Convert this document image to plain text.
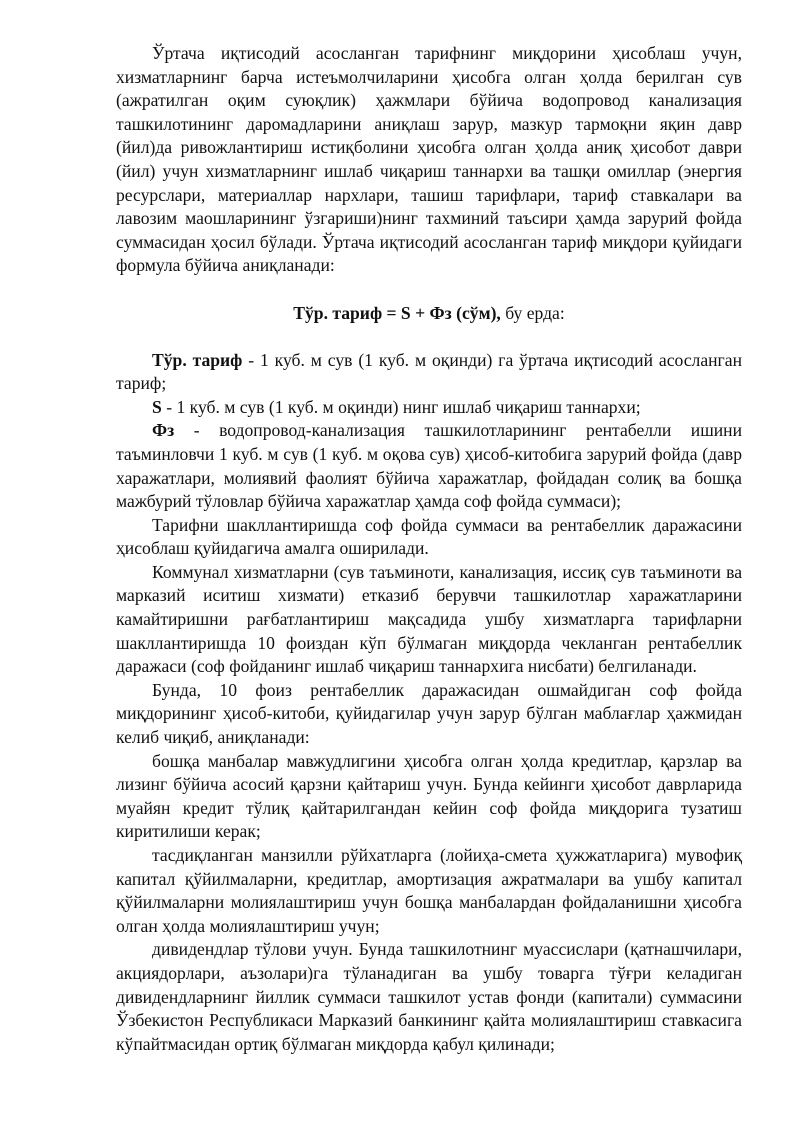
Ўртача иқтисодий асосланган тарифнинг миқдорини ҳисоблаш учун, хизматларнинг барча истеъмолчиларини ҳисобга олган ҳолда берилган сув (ажратилган оқим суюқлик) ҳажмлари бўйича водопровод канализация ташкилотининг даромадларини аниқлаш зарур, мазкур тармоқни яқин давр (йил)да ривожлантириш истиқболини ҳисобга олган ҳолда аниқ ҳисобот даври (йил) учун хизматларнинг ишлаб чиқариш таннархи ва ташқи омиллар (энергия ресурслари, материаллар нархлари, ташиш тарифлари, тариф ставкалари ва лавозим маошларининг ўзгариши)нинг тахминий таъсири ҳамда зарурий фойда суммасидан ҳосил бўлади. Ўртача иқтисодий асосланган тариф миқдори қуйидаги формула бўйича аниқланади:

Тўр. тариф = S + Фз (сўм), бу ерда:

Тўр. тариф - 1 куб. м сув (1 куб. м оқинди) га ўртача иқтисодий асосланган тариф;

S - 1 куб. м сув (1 куб. м оқинди) нинг ишлаб чиқариш таннархи;

Фз - водопровод-канализация ташкилотларининг рентабелли ишини таъминловчи 1 куб. м сув (1 куб. м оқова сув) ҳисоб-китобига зарурий фойда (давр харажатлари, молиявий фаолият бўйича харажатлар, фойдадан солиқ ва бошқа мажбурий тўловлар бўйича харажатлар ҳамда соф фойда суммаси);

Тарифни шакллантиришда соф фойда суммаси ва рентабеллик даражасини ҳисоблаш қуйидагича амалга оширилади.

Коммунал хизматларни (сув таъминоти, канализация, иссиқ сув таъминоти ва марказий иситиш хизмати) етказиб берувчи ташкилотлар харажатларини камайтиришни рағбатлантириш мақсадида ушбу хизматларга тарифларни шакллантиришда 10 фоиздан кўп бўлмаган миқдорда чекланган рентабеллик даражаси (соф фойданинг ишлаб чиқариш таннархига нисбати) белгиланади.

Бунда, 10 фоиз рентабеллик даражасидан ошмайдиган соф фойда миқдорининг ҳисоб-китоби, қуйидагилар учун зарур бўлган маблағлар ҳажмидан келиб чиқиб, аниқланади:

бошқа манбалар мавжудлигини ҳисобга олган ҳолда кредитлар, қарзлар ва лизинг бўйича асосий қарзни қайтариш учун. Бунда кейинги ҳисобот даврларида муайян кредит тўлиқ қайтарилгандан кейин соф фойда миқдорига тузатиш киритилиши керак;

тасдиқланган манзилли рўйхатларга (лойиҳа-смета ҳужжатларига) мувофиқ капитал қўйилмаларни, кредитлар, амортизация ажратмалари ва ушбу капитал қўйилмаларни молиялаштириш учун бошқа манбалардан фойдаланишни ҳисобга олган ҳолда молиялаштириш учун;

дивидендлар тўлови учун. Бунда ташкилотнинг муассислари (қатнашчилари, акциядорлари, аъзолари)га тўланадиган ва ушбу товарга тўғри келадиган дивидендларнинг йиллик суммаси ташкилот устав фонди (капитали) суммасини Ўзбекистон Республикаси Марказий банкининг қайта молиялаштириш ставкасига кўпайтмасидан ортиқ бўлмаган миқдорда қабул қилинади;
